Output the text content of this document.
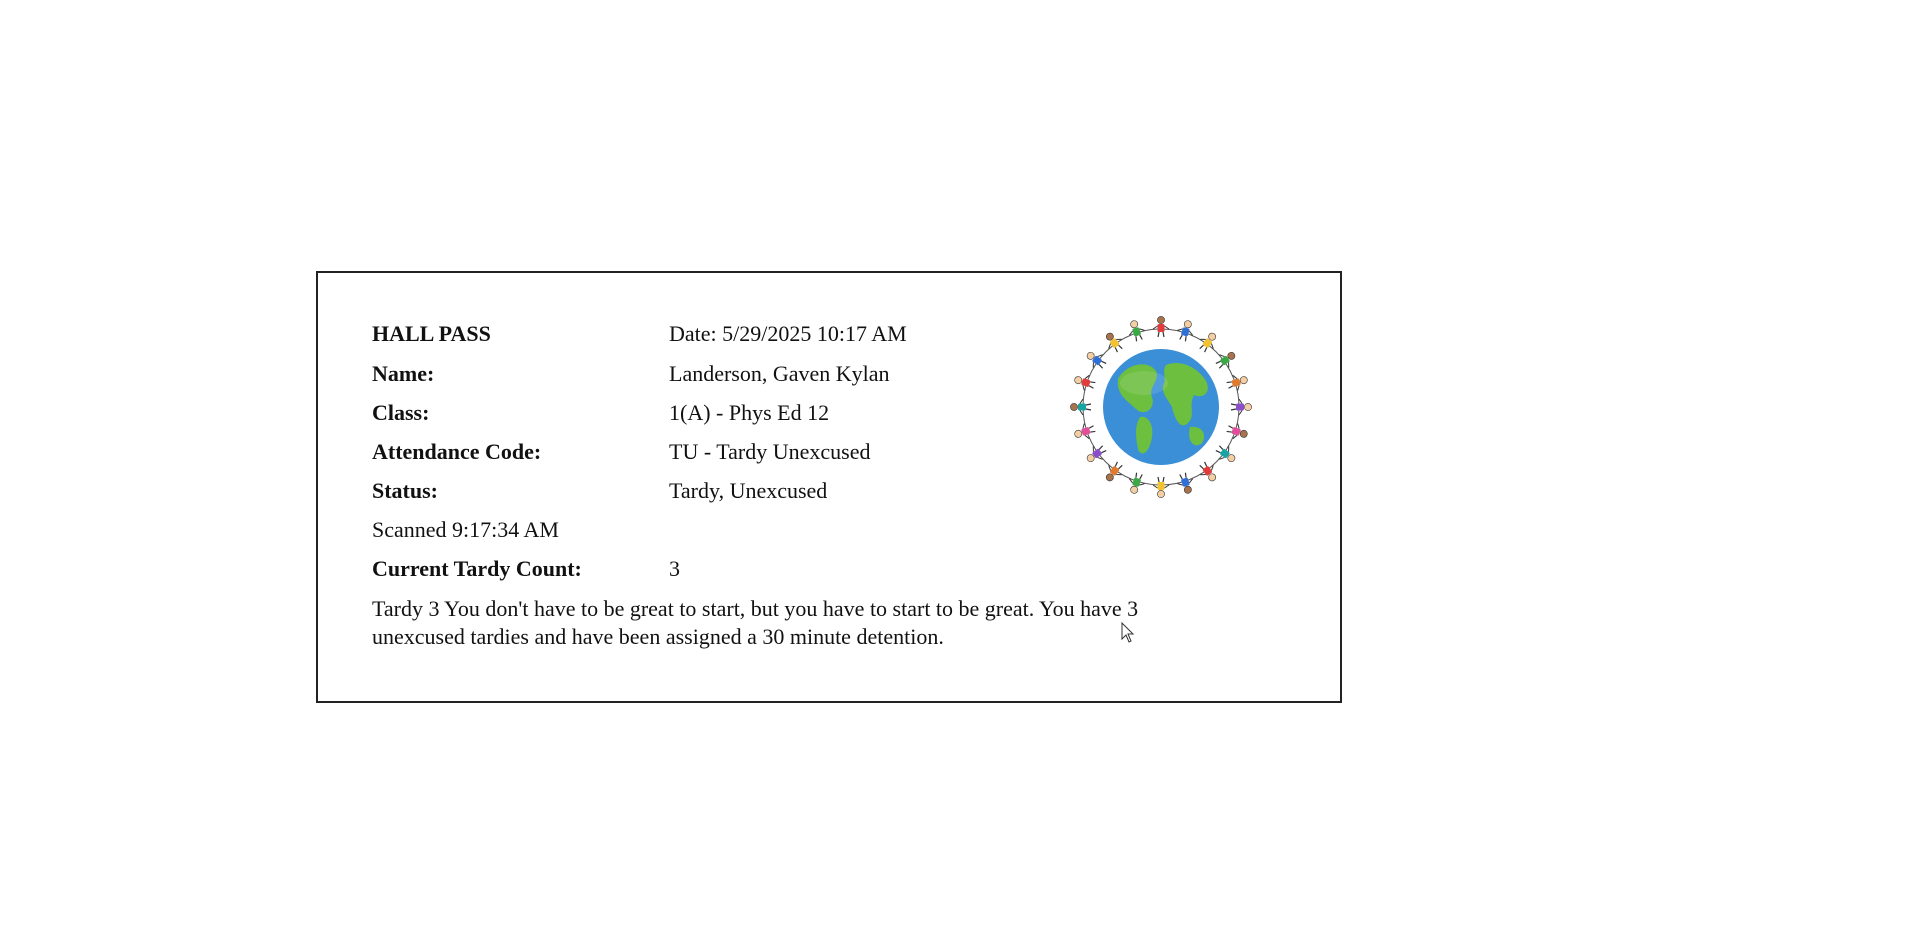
HALL PASS	Date: 5/29/2025 10:17 AM
Name:	Landerson, Gaven Kylan
Class:	1(A) - Phys Ed 12
Attendance Code:	TU - Tardy Unexcused
Status:	Tardy, Unexcused
Scanned 9:17:34 AM
Current Tardy Count:	3
Tardy 3 You don't have to be great to start, but you have to start to be great. You have 3 unexcused tardies and have been assigned a 30 minute detention.
